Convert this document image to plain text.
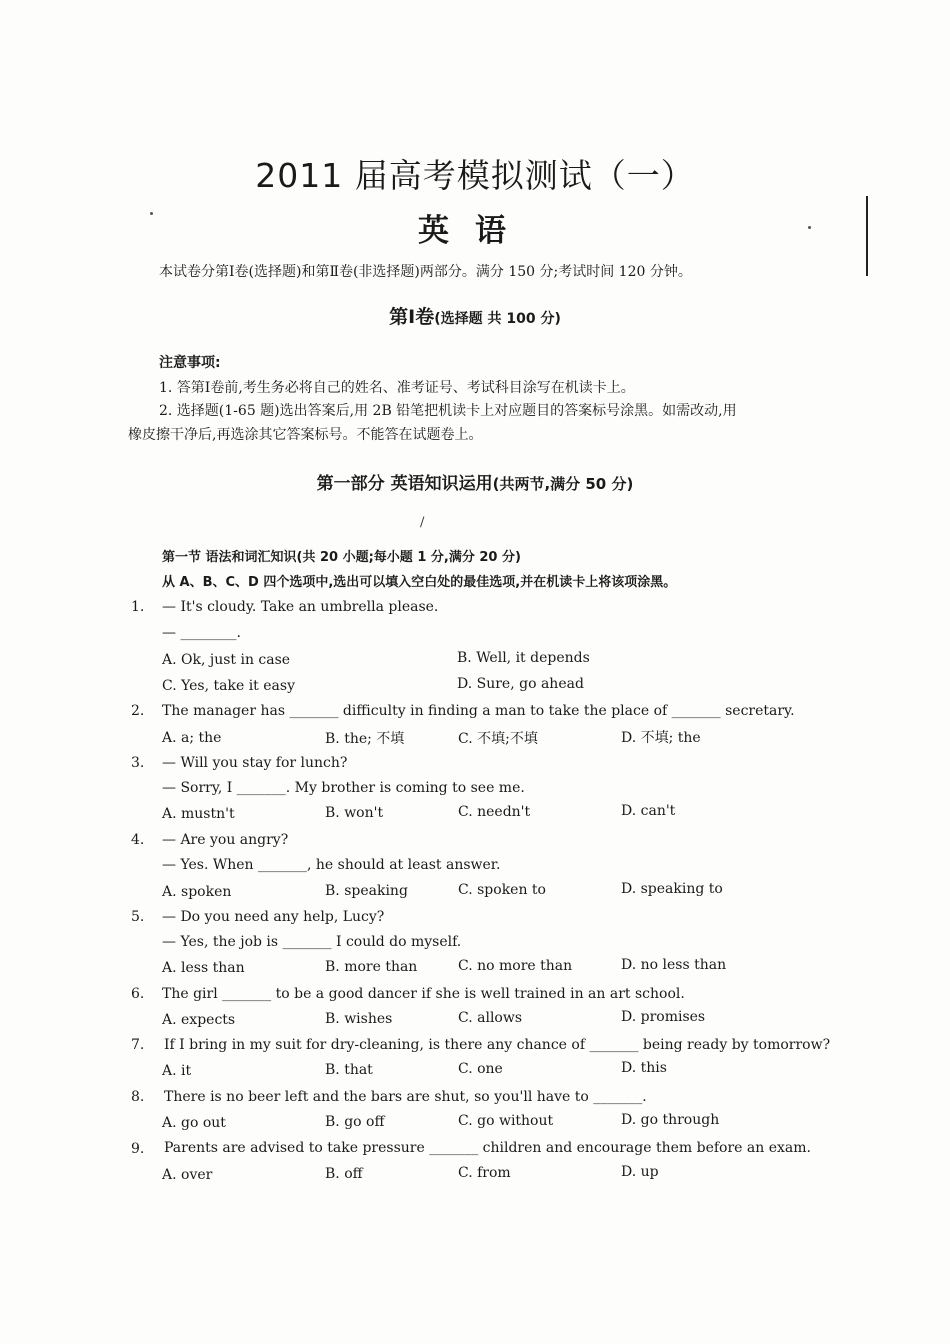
2011 届高考模拟测试（一）
英语
本试卷分第Ⅰ卷(选择题)和第Ⅱ卷(非选择题)两部分。满分 150 分;考试时间 120 分钟。
第Ⅰ卷(选择题 共 100 分)
注意事项:
1. 答第Ⅰ卷前,考生务必将自己的姓名、准考证号、考试科目涂写在机读卡上。
2. 选择题(1-65 题)选出答案后,用 2B 铅笔把机读卡上对应题目的答案标号涂黑。如需改动,用
橡皮擦干净后,再选涂其它答案标号。不能答在试题卷上。
第一部分 英语知识运用(共两节,满分 50 分)
/
第一节 语法和词汇知识(共 20 小题;每小题 1 分,满分 20 分)
从 A、B、C、D 四个选项中,选出可以填入空白处的最佳选项,并在机读卡上将该项涂黑。
1.	— It's cloudy. Take an umbrella please.
— ________.
A. Ok, just in case	B. Well, it depends
C. Yes, take it easy	D. Sure, go ahead
2.	The manager has _______ difficulty in finding a man to take the place of _______ secretary.
A. a; the	B. the; 不填	C. 不填;不填	D. 不填; the
3.	— Will you stay for lunch?
— Sorry, I _______. My brother is coming to see me.
A. mustn't	B. won't	C. needn't	D. can't
4.	— Are you angry?
— Yes. When _______, he should at least answer.
A. spoken	B. speaking	C. spoken to	D. speaking to
5.	— Do you need any help, Lucy?
— Yes, the job is _______ I could do myself.
A. less than	B. more than	C. no more than	D. no less than
6.	The girl _______ to be a good dancer if she is well trained in an art school.
A. expects	B. wishes	C. allows	D. promises
7.	If I bring in my suit for dry-cleaning, is there any chance of _______ being ready by tomorrow?
A. it	B. that	C. one	D. this
8.	There is no beer left and the bars are shut, so you'll have to _______.
A. go out	B. go off	C. go without	D. go through
9.	Parents are advised to take pressure _______ children and encourage them before an exam.
A. over	B. off	C. from	D. up
